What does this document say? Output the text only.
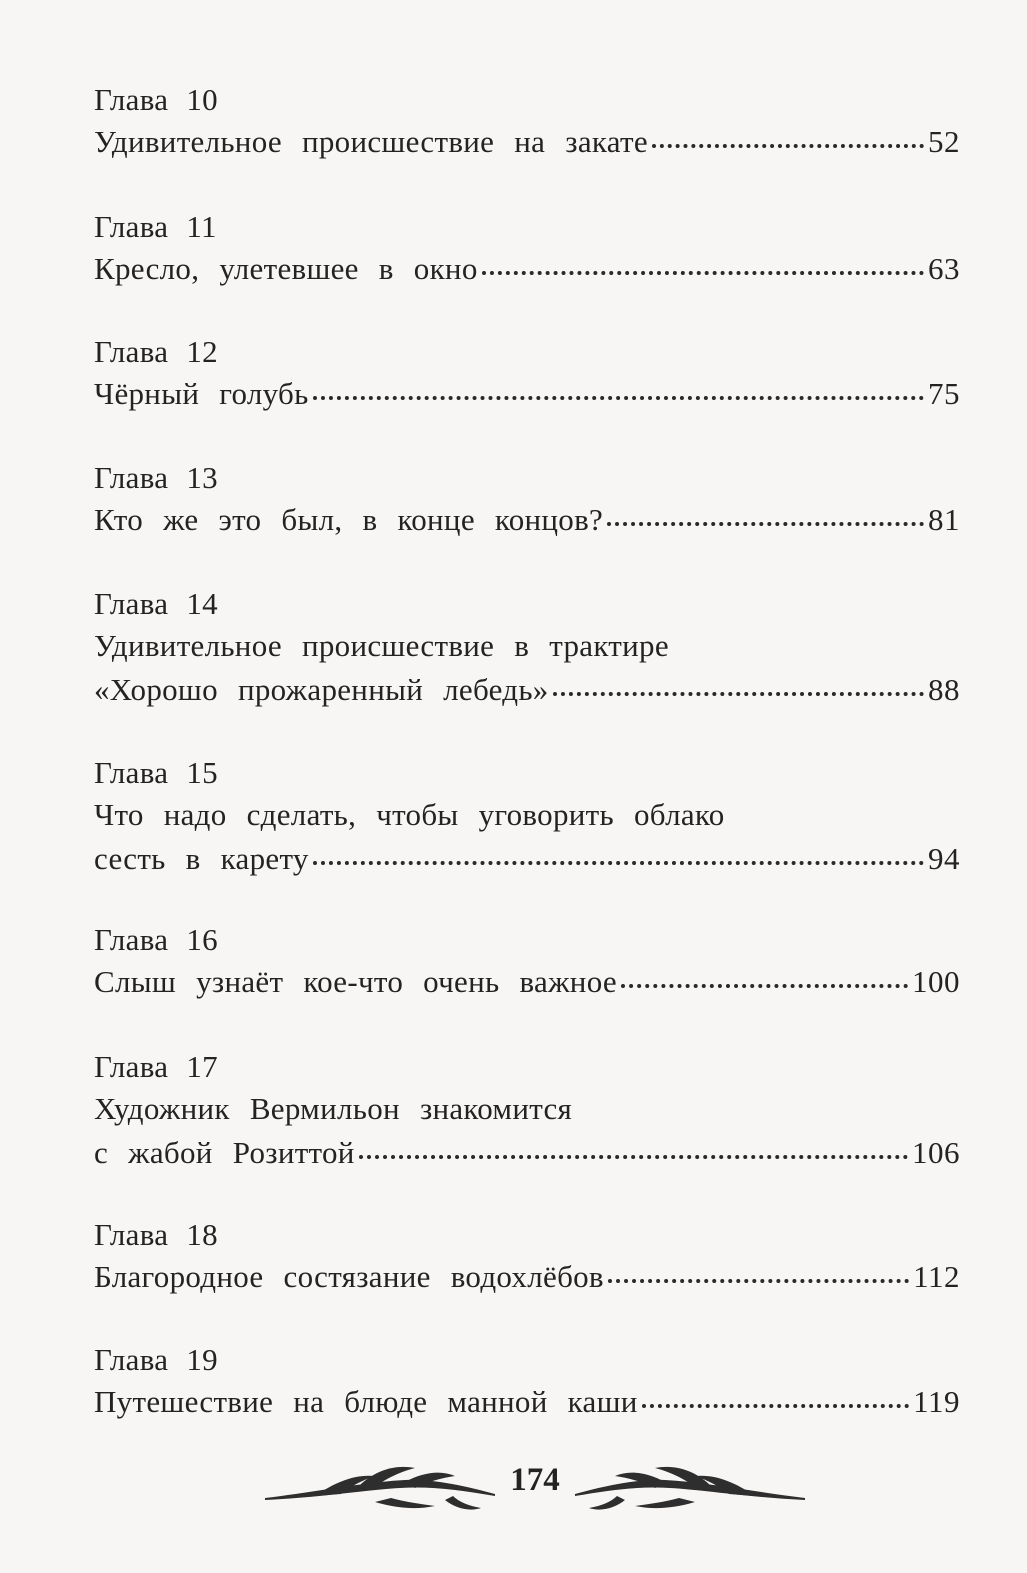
Глава 10
Удивительное происшествие на закате	52
Глава 11
Кресло, улетевшее в окно	63
Глава 12
Чёрный голубь	75
Глава 13
Кто же это был, в конце концов?	81
Глава 14
Удивительное происшествие в трактире
«Хорошо прожаренный лебедь»	88
Глава 15
Что надо сделать, чтобы уговорить облако
сесть в карету	94
Глава 16
Слыш узнаёт кое-что очень важное	100
Глава 17
Художник Вермильон знакомится
с жабой Розиттой	106
Глава 18
Благородное состязание водохлёбов	112
Глава 19
Путешествие на блюде манной каши	119
174
